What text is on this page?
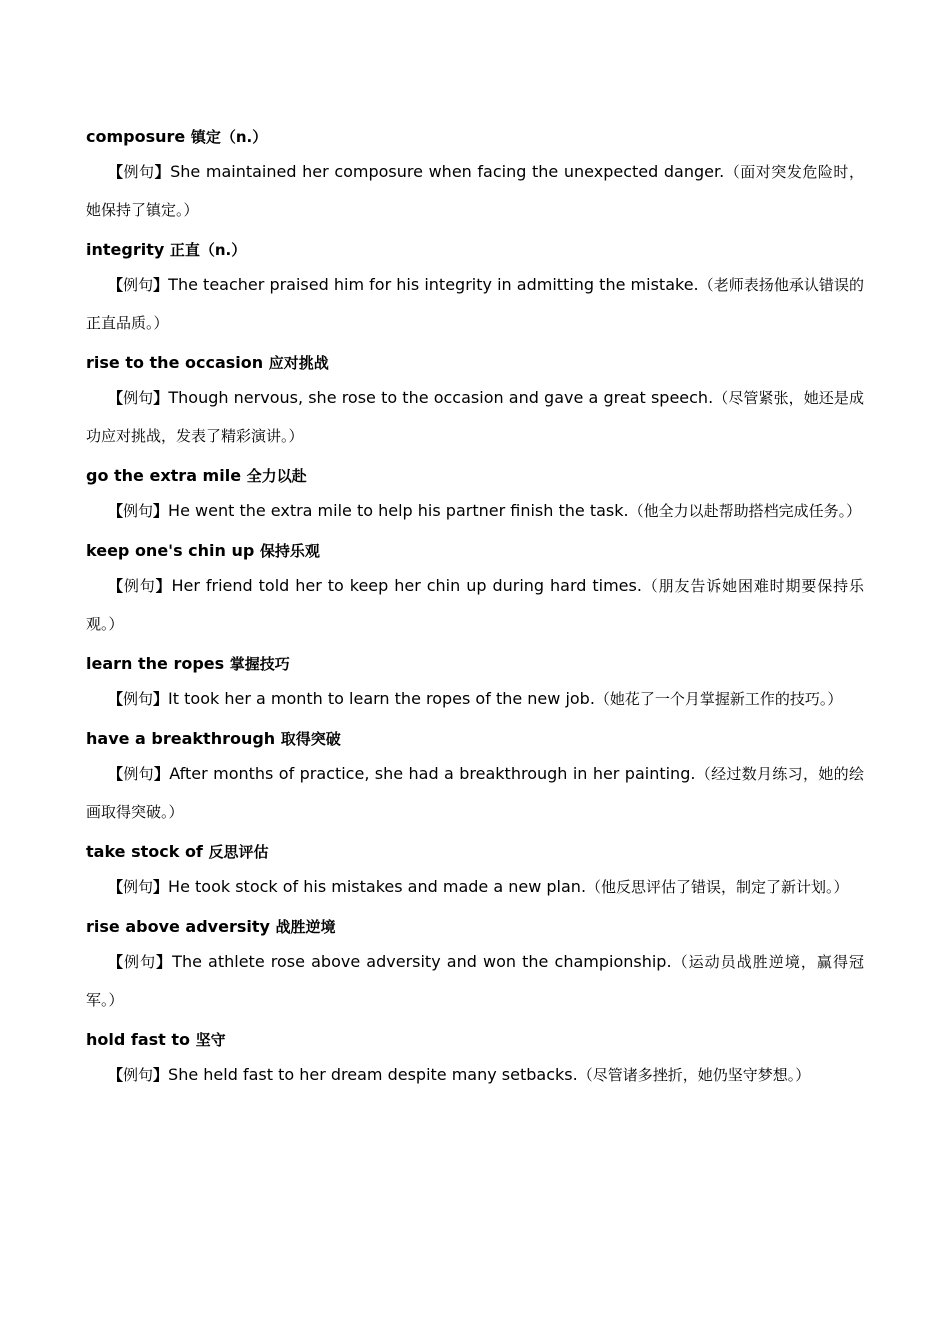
composure 镇定（n.）

【例句】She maintained her composure when facing the unexpected danger.（面对突发危险时，她保持了镇定。）

integrity 正直（n.）

【例句】The teacher praised him for his integrity in admitting the mistake.（老师表扬他承认错误的正直品质。）

rise to the occasion 应对挑战

【例句】Though nervous, she rose to the occasion and gave a great speech.（尽管紧张，她还是成功应对挑战，发表了精彩演讲。）

go the extra mile 全力以赴

【例句】He went the extra mile to help his partner finish the task.（他全力以赴帮助搭档完成任务。）

keep one's chin up 保持乐观

【例句】Her friend told her to keep her chin up during hard times.（朋友告诉她困难时期要保持乐观。）

learn the ropes 掌握技巧

【例句】It took her a month to learn the ropes of the new job.（她花了一个月掌握新工作的技巧。）

have a breakthrough 取得突破

【例句】After months of practice, she had a breakthrough in her painting.（经过数月练习，她的绘画取得突破。）

take stock of 反思评估

【例句】He took stock of his mistakes and made a new plan.（他反思评估了错误，制定了新计划。）

rise above adversity 战胜逆境

【例句】The athlete rose above adversity and won the championship.（运动员战胜逆境，赢得冠军。）

hold fast to 坚守

【例句】She held fast to her dream despite many setbacks.（尽管诸多挫折，她仍坚守梦想。）
